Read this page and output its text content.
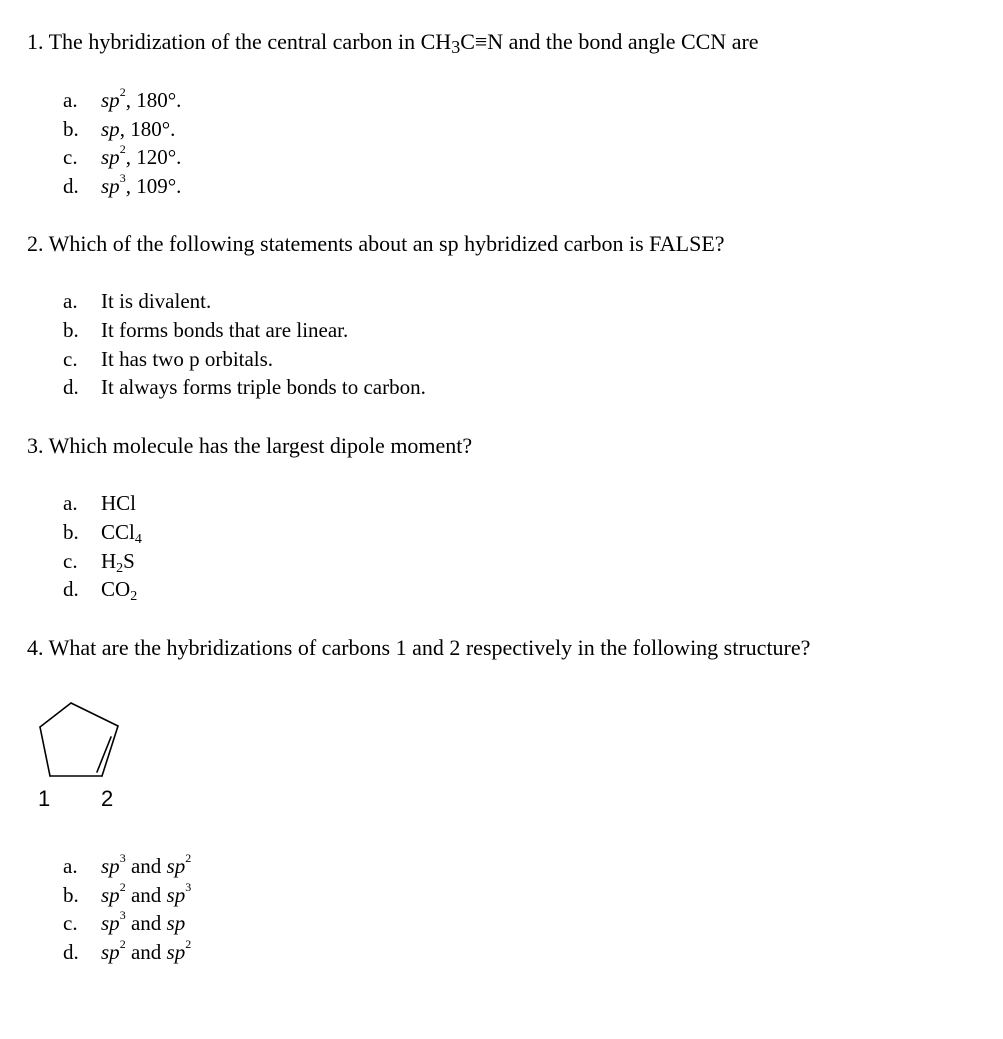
1. The hybridization of the central carbon in $CH_3C\equiv N$ and the bond angle CCN are
a. $sp^2$, 180°.
b. sp, 180°.
c. $sp^2$, 120°.
d. $sp^3$, 109°.
2. Which of the following statements about an sp hybridized carbon is FALSE?
a. It is divalent.
b. It forms bonds that are linear.
c. It has two p orbitals.
d. It always forms triple bonds to carbon.
3. Which molecule has the largest dipole moment?
a. HCl
b. CCl$_4$
c. $H_2S$
d. $CO_2$
4. What are the hybridizations of carbons 1 and 2 respectively in the following structure?
1 2
a. $sp^3$ and $sp^2$
b. $sp^2$ and $sp^3$
c. $sp^3$ and sp
d. $sp^2$ and $sp^2$
